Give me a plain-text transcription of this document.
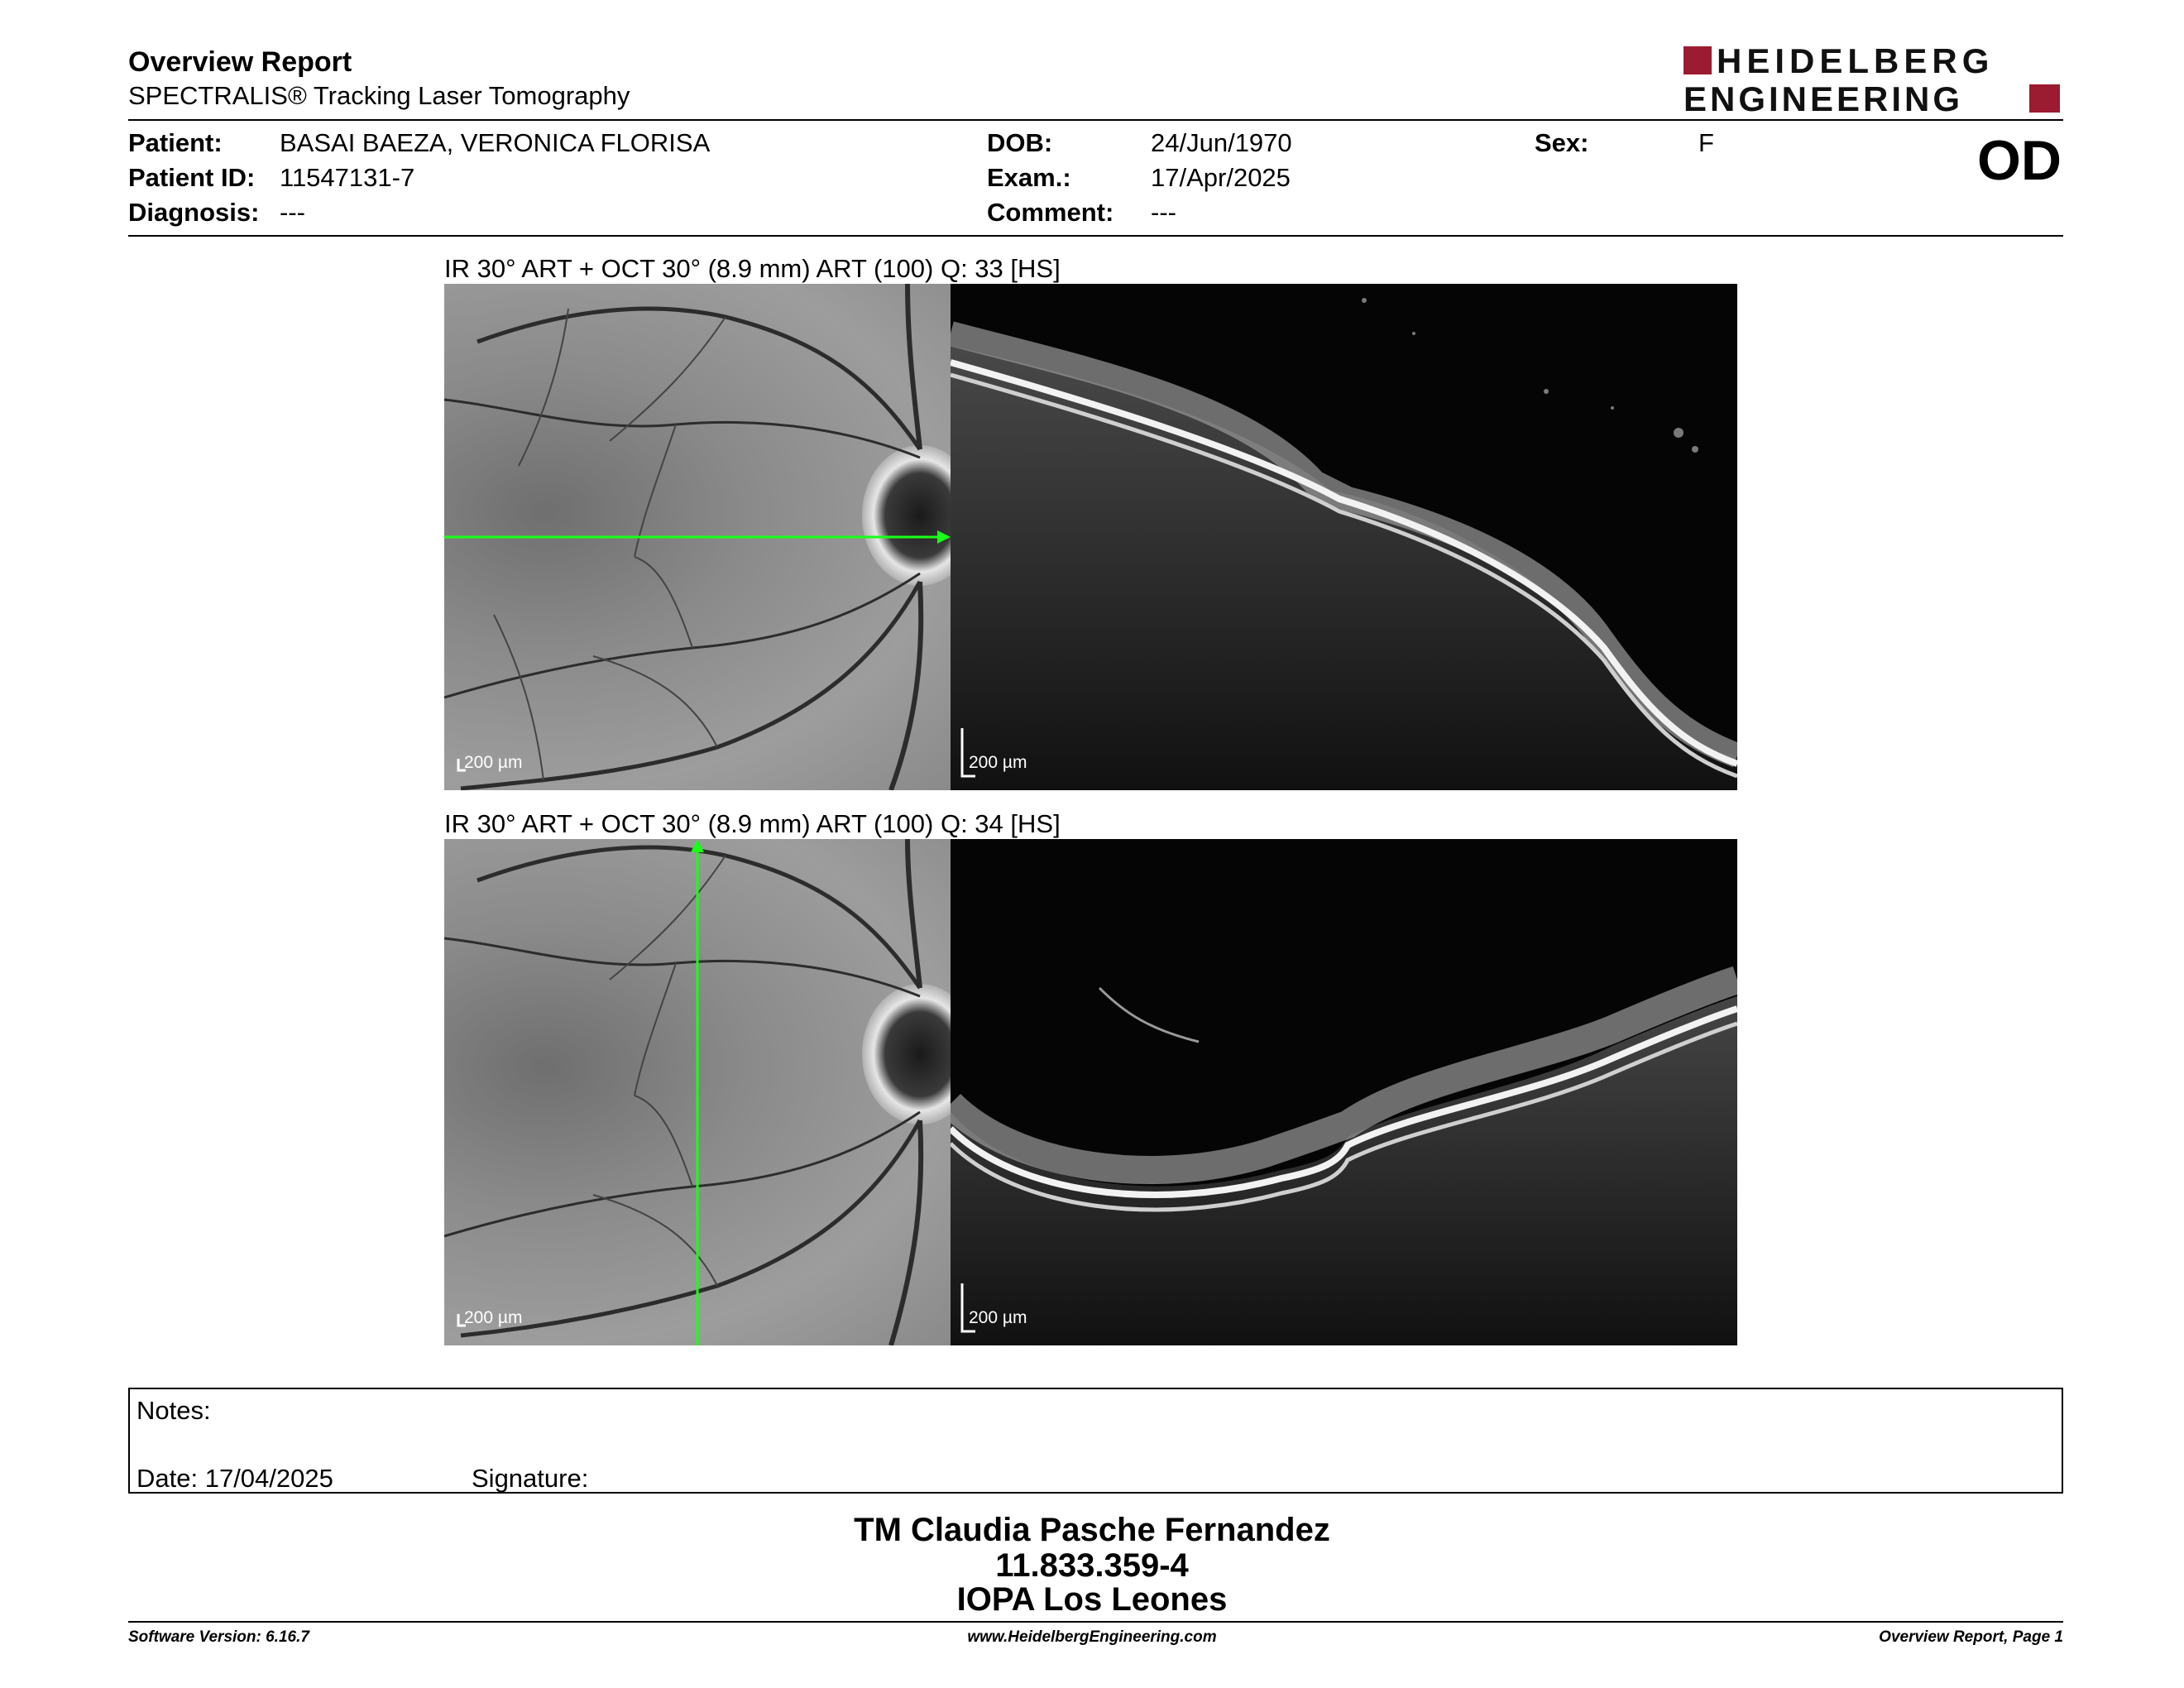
Overview Report
SPECTRALIS® Tracking Laser Tomography
HEIDELBERG
ENGINEERING
Patient: BASAI BAEZA, VERONICA FLORISA
Patient ID: 11547131-7
Diagnosis: ---
DOB:	24/Jun/1970
Exam.:	17/Apr/2025
Comment: ---
Sex:	F	OD
IR 30° ART + OCT 30° (8.9 mm) ART (100) Q: 33 [HS]
200 µm	200 µm
IR 30° ART + OCT 30° (8.9 mm) ART (100) Q: 34 [HS]
200 µm	200 µm
Notes:
Date: 17/04/2025	Signature:
TM Claudia Pasche Fernandez
11.833.359-4
IOPA Los Leones
Software Version: 6.16.7	www.HeidelbergEngineering.com	Overview Report, Page 1
